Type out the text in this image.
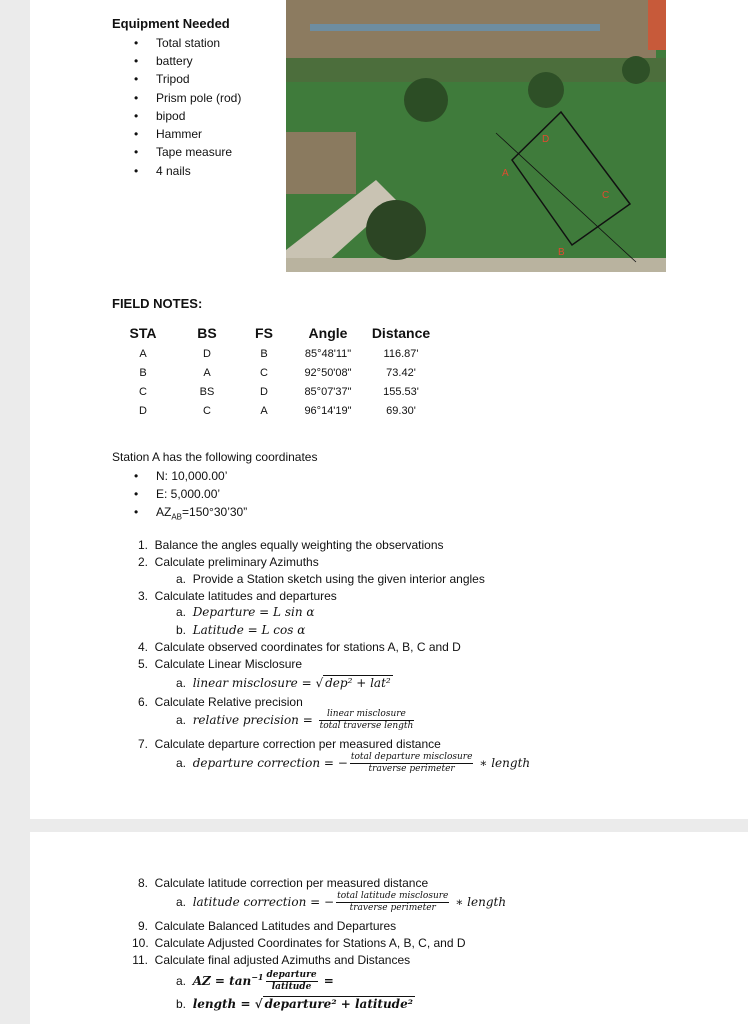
Equipment Needed
• Total station
• battery
• Tripod
• Prism pole (rod)
• bipod
• Hammer
• Tape measure
• 4 nails	A
B
C
D
FIELD NOTES:
STA	BS	FS	Angle	Distance
A	D	B	85°48'11"	116.87'
B	A	C	92°50'08"	73.42'
C	BS	D	85°07'37"	155.53'
D	C	A	96°14'19"	69.30'
Station A has the following coordinates
• N: 10,000.00’
• E: 5,000.00’
• $AZ_{AB}=150^\circ 30’30$”
1. Balance the angles equally weighting the observations
2. Calculate preliminary Azimuths
a. Provide a Station sketch using the given interior angles
3. Calculate latitudes and departures
a. Departure = L sin α
b. Latitude = L cos α
4. Calculate observed coordinates for stations A, B, C and D
5. Calculate Linear Misclosure
a. linear misclosure = √ dep² + lat²
6. Calculate Relative precision
a. relative precision = $\frac{\text{linear misclosure}}{\text{total traverse length}}$
7. Calculate departure correction per measured distance
a. departure correction = − $\frac{\text{total departure misclosure}}{\text{traverse perimeter}}$ ∗ length
8. Calculate latitude correction per measured distance
a. latitude correction = − $\frac{\text{total latitude misclosure}}{\text{traverse perimeter}}$ ∗ length
9. Calculate Balanced Latitudes and Departures
10. Calculate Adjusted Coordinates for Stations A, B, C, and D
11. Calculate final adjusted Azimuths and Distances
a. AZ = $\tan^{-1} \frac{\text{departure}}{\text{latitude}}$ =
b. length = √ departure² + latitude²
